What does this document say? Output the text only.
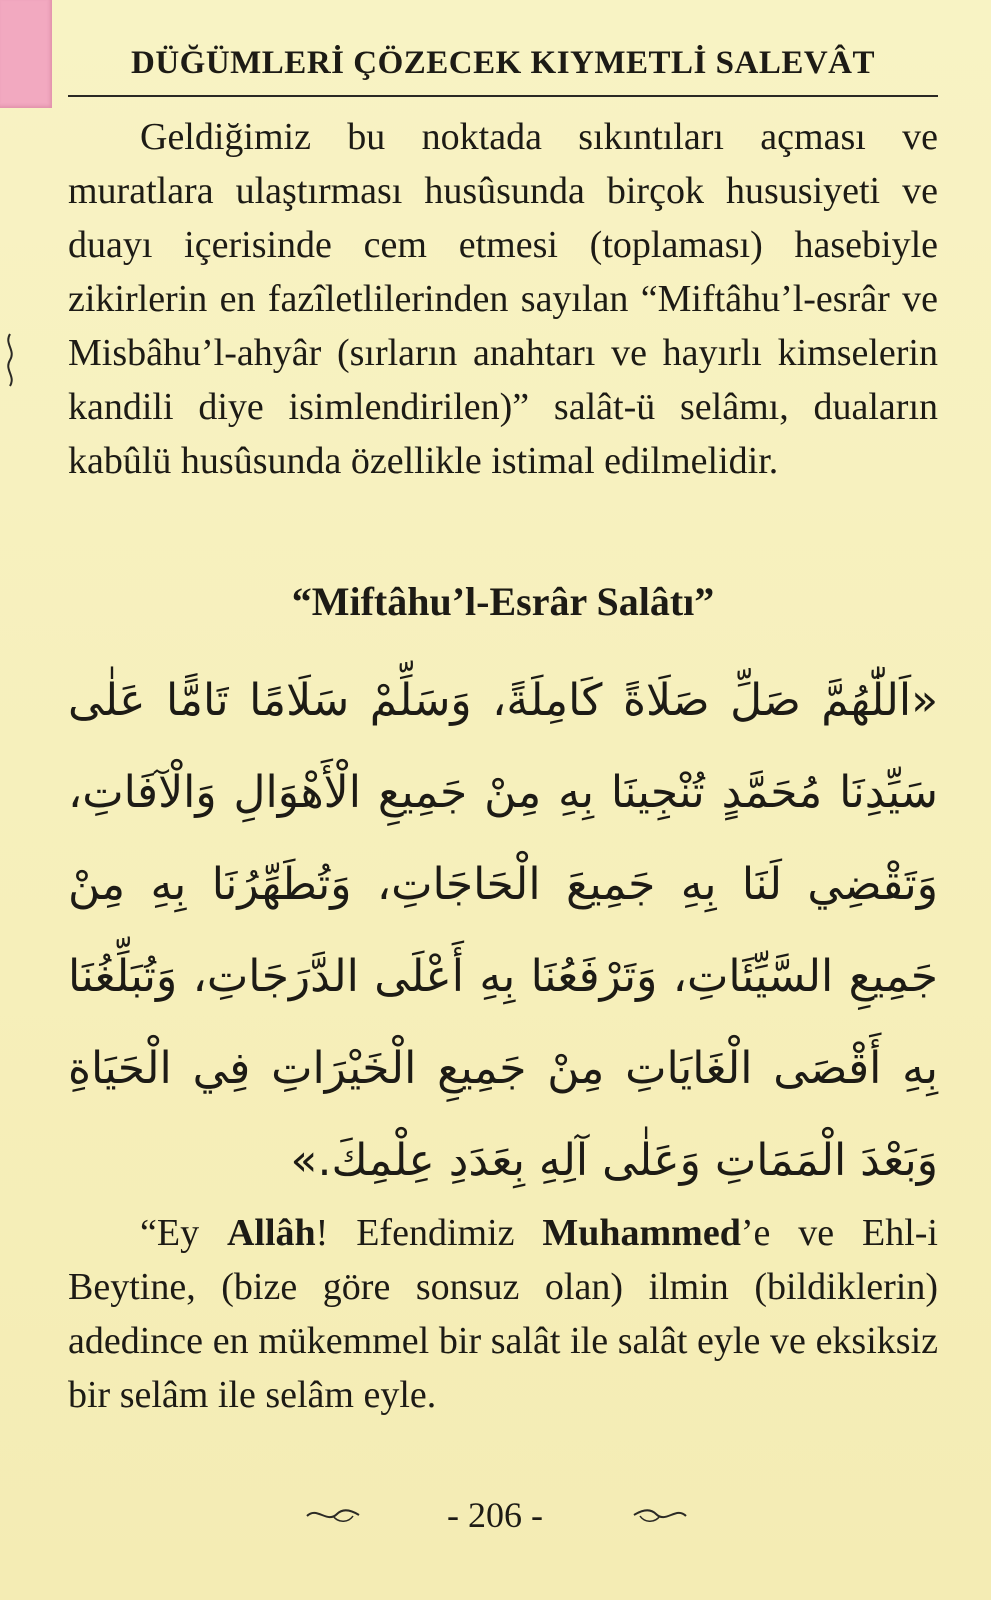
DÜĞÜMLERİ ÇÖZECEK KIYMETLİ SALEVÂT

Geldiğimiz bu noktada sıkıntıları açması ve muratlara ulaştırması husûsunda birçok hususiyeti ve duayı içerisinde cem etmesi (toplaması) hasebiyle zikirlerin en fazîletlilerinden sayılan “Miftâhu’l-esrâr ve Misbâhu’l-ahyâr (sırların anahtarı ve hayırlı kimselerin kandili diye isimlendirilen)” salât-ü selâmı, duaların kabûlü husûsunda özellikle istimal edilmelidir.

“Miftâhu’l-Esrâr Salâtı”

«اَللّٰهُمَّ صَلِّ صَلَاةً كَامِلَةً، وَسَلِّمْ سَلَامًا تَامًّا عَلٰى سَيِّدِنَا مُحَمَّدٍ تُنْجِينَا بِهِ مِنْ جَمِيعِ الْأَهْوَالِ وَالْآفَاتِ، وَتَقْضِي لَنَا بِهِ جَمِيعَ الْحَاجَاتِ، وَتُطَهِّرُنَا بِهِ مِنْ جَمِيعِ السَّيِّئَاتِ، وَتَرْفَعُنَا بِهِ أَعْلَى الدَّرَجَاتِ، وَتُبَلِّغُنَا بِهِ أَقْصَى الْغَايَاتِ مِنْ جَمِيعِ الْخَيْرَاتِ فِي الْحَيَاةِ وَبَعْدَ الْمَمَاتِ وَعَلٰى آلِهِ بِعَدَدِ عِلْمِكَ.»

“Ey Allâh! Efendimiz Muhammed’e ve Ehl-i Beytine, (bize göre sonsuz olan) ilmin (bildiklerin) adedince en mükemmel bir salât ile salât eyle ve eksiksiz bir selâm ile selâm eyle.

- 206 -
